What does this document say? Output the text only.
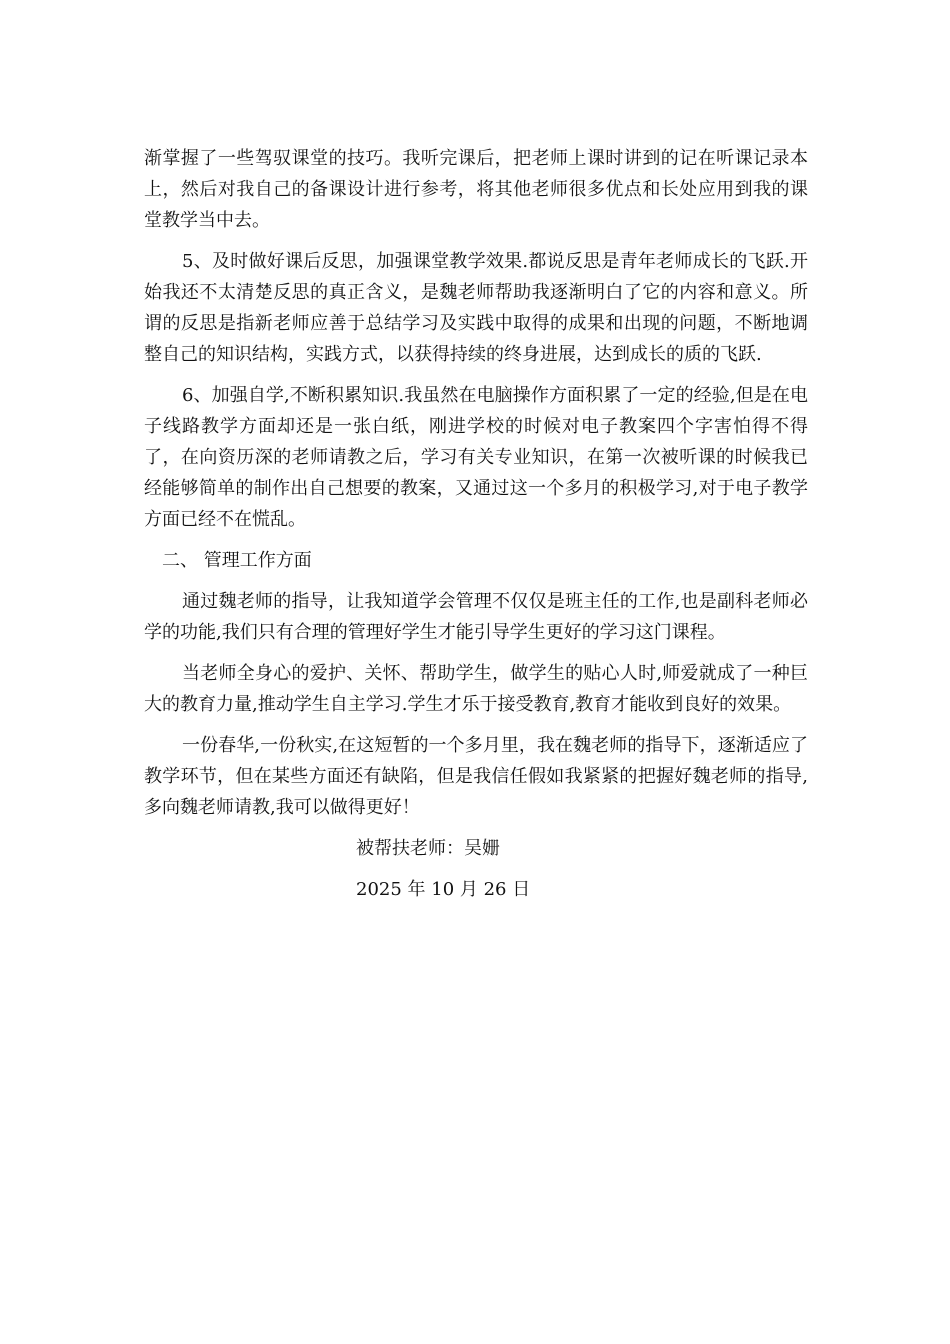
渐掌握了一些驾驭课堂的技巧。我听完课后，把老师上课时讲到的记在听课记录本上，然后对我自己的备课设计进行参考，将其他老师很多优点和长处应用到我的课堂教学当中去。

5、及时做好课后反思，加强课堂教学效果.都说反思是青年老师成长的飞跃.开始我还不太清楚反思的真正含义，是魏老师帮助我逐渐明白了它的内容和意义。所谓的反思是指新老师应善于总结学习及实践中取得的成果和出现的问题，不断地调整自己的知识结构，实践方式，以获得持续的终身进展，达到成长的质的飞跃.

6、加强自学,不断积累知识.我虽然在电脑操作方面积累了一定的经验,但是在电子线路教学方面却还是一张白纸，刚进学校的时候对电子教案四个字害怕得不得了，在向资历深的老师请教之后，学习有关专业知识，在第一次被听课的时候我已经能够简单的制作出自己想要的教案，又通过这一个多月的积极学习,对于电子教学方面已经不在慌乱。

二、 管理工作方面

通过魏老师的指导，让我知道学会管理不仅仅是班主任的工作,也是副科老师必学的功能,我们只有合理的管理好学生才能引导学生更好的学习这门课程。

当老师全身心的爱护、关怀、帮助学生，做学生的贴心人时,师爱就成了一种巨大的教育力量,推动学生自主学习.学生才乐于接受教育,教育才能收到良好的效果。

一份春华,一份秋实,在这短暂的一个多月里，我在魏老师的指导下，逐渐适应了教学环节，但在某些方面还有缺陷，但是我信任假如我紧紧的把握好魏老师的指导,多向魏老师请教,我可以做得更好！

被帮扶老师：吴姗

2025 年 10 月 26 日
